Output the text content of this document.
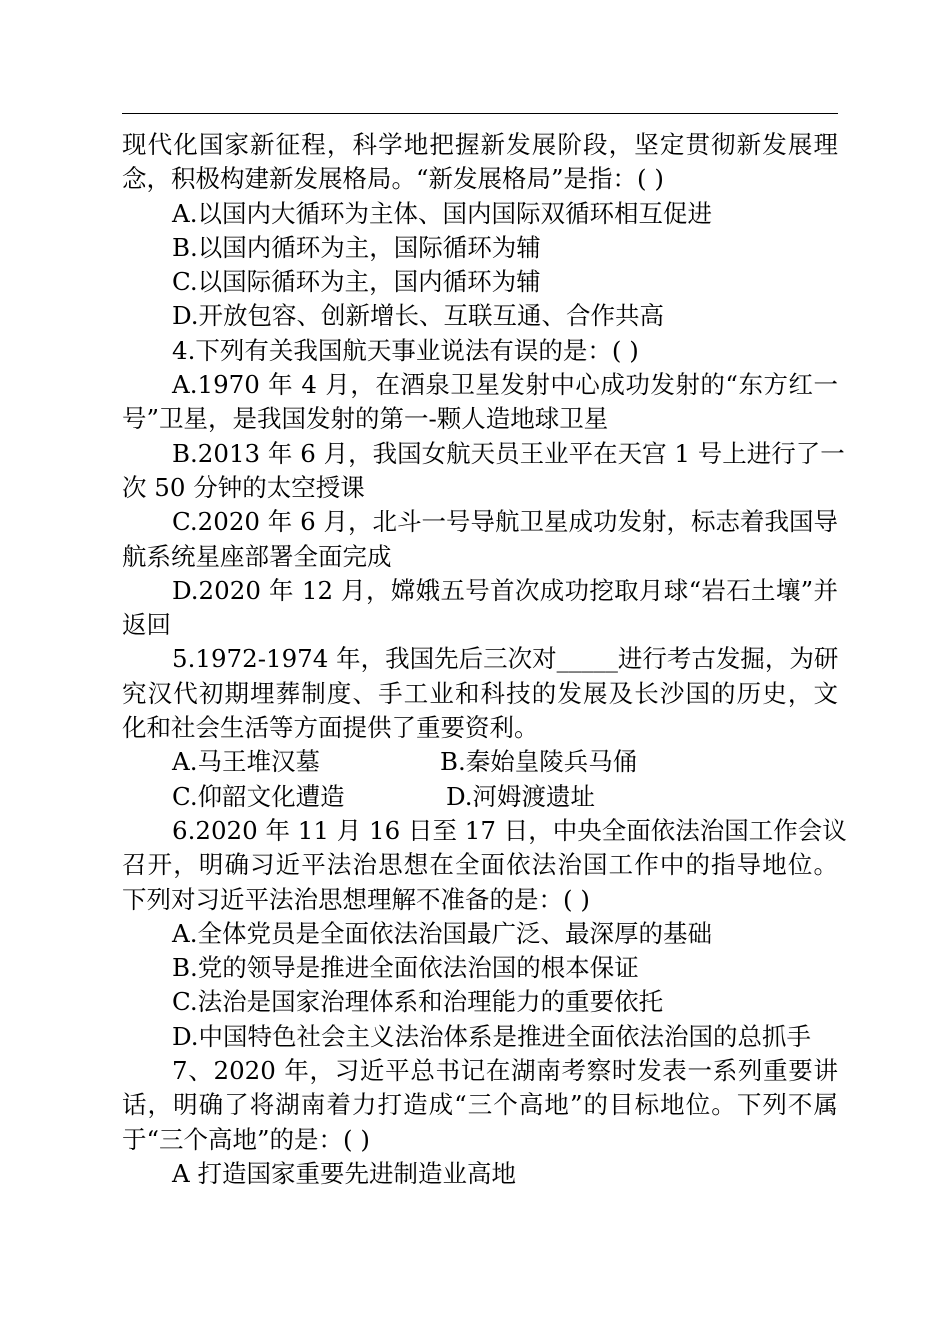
现代化国家新征程，科学地把握新发展阶段，坚定贯彻新发展理
念，积极构建新发展格局。“新发展格局”是指：( )
A.以国内大循环为主体、国内国际双循环相互促进
B.以国内循环为主，国际循环为辅
C.以国际循环为主，国内循环为辅
D.开放包容、创新增长、互联互通、合作共高
4.下列有关我国航天事业说法有误的是：( )
A.1970 年 4 月，在酒泉卫星发射中心成功发射的“东方红一
号”卫星，是我国发射的第一-颗人造地球卫星
B.2013 年 6 月，我国女航天员王业平在天宫 1 号上进行了一
次 50 分钟的太空授课
C.2020 年 6 月，北斗一号导航卫星成功发射，标志着我国导
航系统星座部署全面完成
D.2020 年 12 月，嫦娥五号首次成功挖取月球“岩石土壤”并
返回
5.1972-1974 年，我国先后三次对_____进行考古发掘，为研
究汉代初期埋葬制度、手工业和科技的发展及长沙国的历史，文
化和社会生活等方面提供了重要资利。
A.马王堆汉墓	B.秦始皇陵兵马俑
C.仰韶文化遭造	D.河姆渡遗址
6.2020 年 11 月 16 日至 17 日，中央全面依法治国工作会议
召开，明确习近平法治思想在全面依法治国工作中的指导地位。
下列对习近平法治思想理解不准备的是：( )
A.全体党员是全面依法治国最广泛、最深厚的基础
B.党的领导是推进全面依法治国的根本保证
C.法治是国家治理体系和治理能力的重要依托
D.中国特色社会主义法治体系是推进全面依法治国的总抓手
7、2020 年，习近平总书记在湖南考察时发表一系列重要讲
话，明确了将湖南着力打造成“三个高地”的目标地位。下列不属
于“三个高地”的是：( )
A 打造国家重要先进制造业高地
